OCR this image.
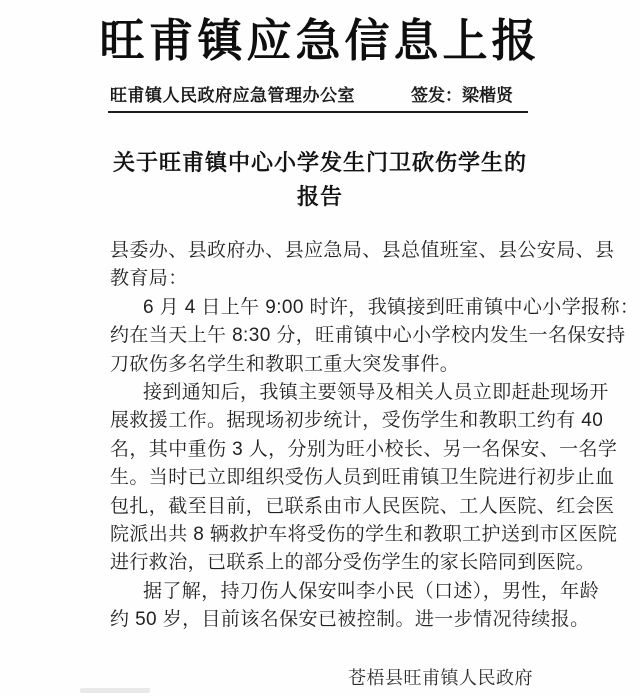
旺甫镇应急信息上报
旺甫镇人民政府应急管理办公室	签发：梁楷贤
关于旺甫镇中心小学发生门卫砍伤学生的
报告
县委办、县政府办、县应急局、县总值班室、县公安局、县
教育局：
6 月 4 日上午 9:00 时许，我镇接到旺甫镇中心小学报称：
约在当天上午 8:30 分，旺甫镇中心小学校内发生一名保安持
刀砍伤多名学生和教职工重大突发事件。
接到通知后，我镇主要领导及相关人员立即赶赴现场开
展救援工作。据现场初步统计，受伤学生和教职工约有 40
名，其中重伤 3 人，分别为旺小校长、另一名保安、一名学
生。当时已立即组织受伤人员到旺甫镇卫生院进行初步止血
包扎，截至目前，已联系由市人民医院、工人医院、红会医
院派出共 8 辆救护车将受伤的学生和教职工护送到市区医院
进行救治，已联系上的部分受伤学生的家长陪同到医院。
据了解，持刀伤人保安叫李小民（口述），男性，年龄
约 50 岁，目前该名保安已被控制。进一步情况待续报。
苍梧县旺甫镇人民政府
